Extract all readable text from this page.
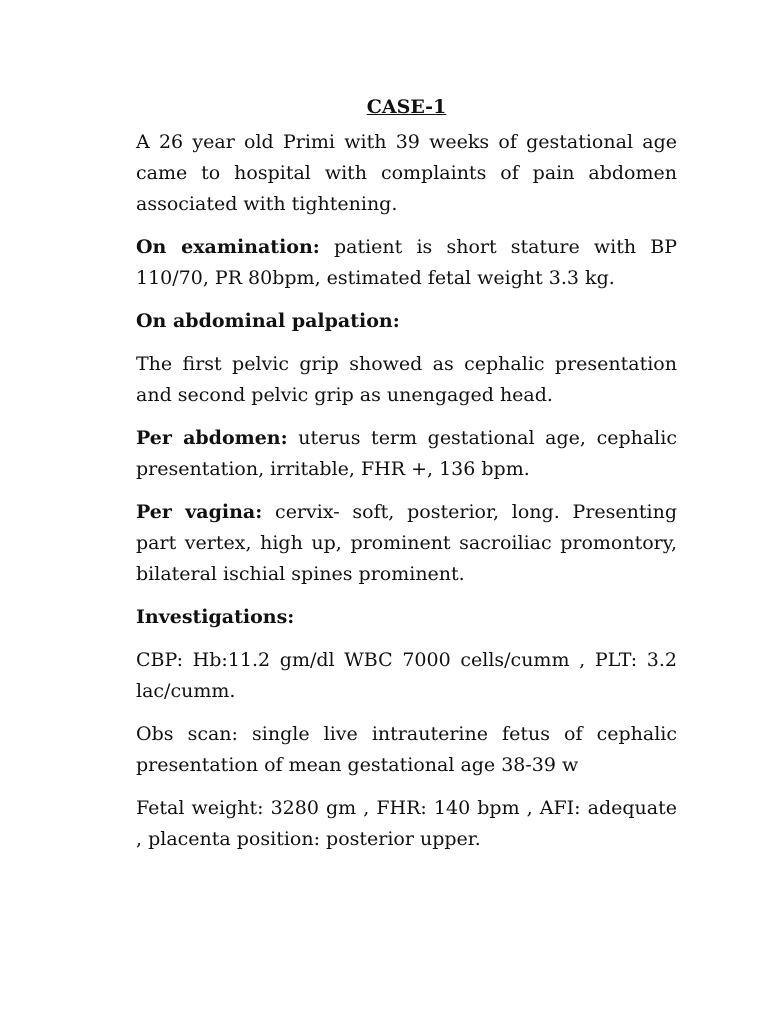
CASE-1

A 26 year old Primi with 39 weeks of gestational age came to hospital with complaints of pain abdomen associated with tightening.

On examination: patient is short stature with BP 110/70, PR 80bpm, estimated fetal weight 3.3 kg.

On abdominal palpation:

The first pelvic grip showed as cephalic presentation and second pelvic grip as unengaged head.

Per abdomen: uterus term gestational age, cephalic presentation, irritable, FHR +, 136 bpm.

Per vagina: cervix- soft, posterior, long. Presenting part vertex, high up, prominent sacroiliac promontory, bilateral ischial spines prominent.

Investigations:

CBP: Hb:11.2 gm/dl WBC 7000 cells/cumm , PLT: 3.2 lac/cumm.

Obs scan: single live intrauterine fetus of cephalic presentation of mean gestational age 38-39 w

Fetal weight: 3280 gm , FHR: 140 bpm , AFI: adequate , placenta position: posterior upper.
